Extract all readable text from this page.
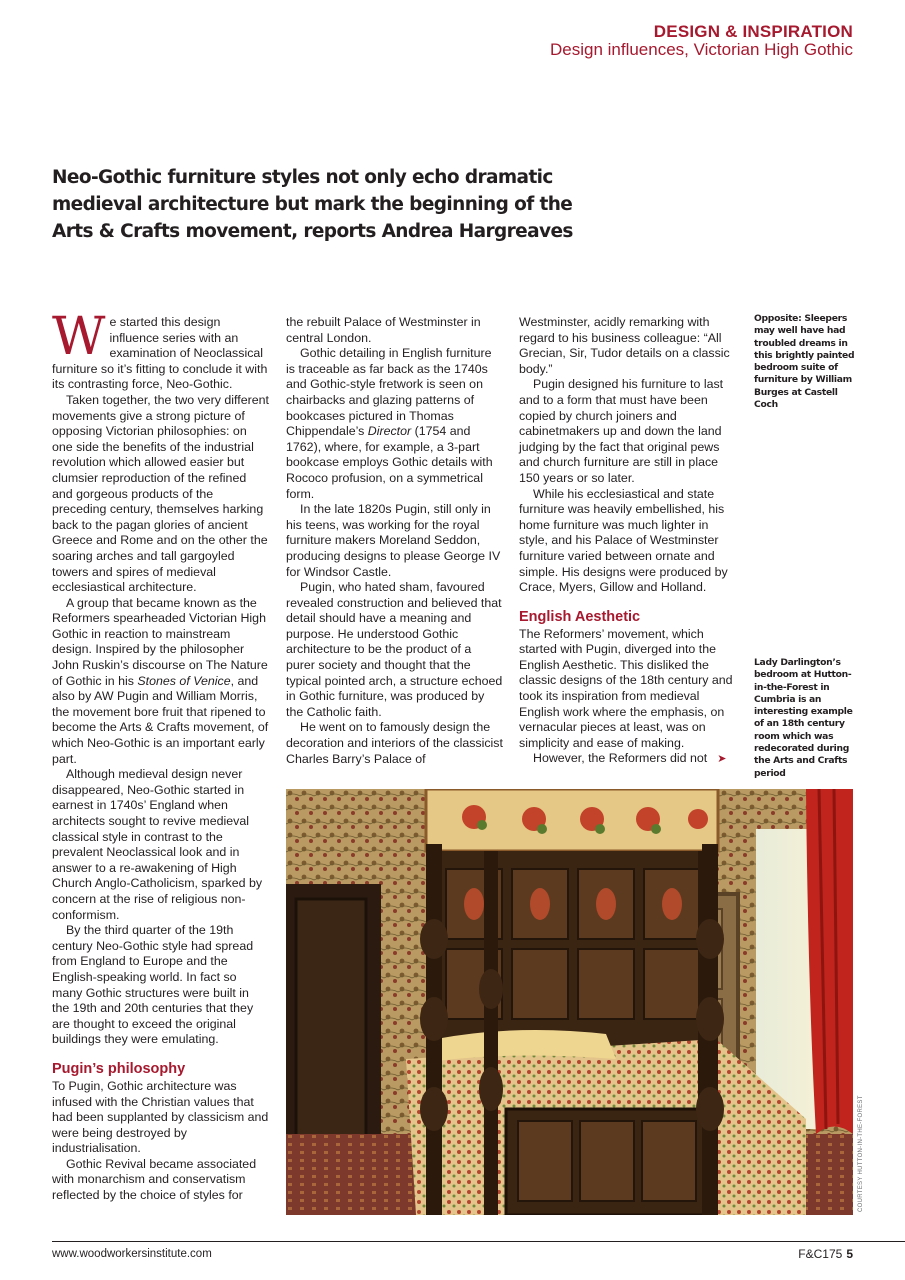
DESIGN & INSPIRATION

Design influences, Victorian High Gothic

Neo-Gothic furniture styles not only echo dramatic medieval architecture but mark the beginning of the Arts & Crafts movement, reports Andrea Hargreaves

We started this design influence series with an examination of Neoclassical furniture so it’s fitting to conclude it with its contrasting force, Neo-Gothic.

Taken together, the two very different movements give a strong picture of opposing Victorian philosophies: on one side the benefits of the industrial revolution which allowed easier but clumsier reproduction of the refined and gorgeous products of the preceding century, themselves harking back to the pagan glories of ancient Greece and Rome and on the other the soaring arches and tall gargoyled towers and spires of medieval ecclesiastical architecture.

A group that became known as the Reformers spearheaded Victorian High Gothic in reaction to mainstream design. Inspired by the philosopher John Ruskin’s discourse on The Nature of Gothic in his Stones of Venice, and also by AW Pugin and William Morris, the movement bore fruit that ripened to become the Arts & Crafts movement, of which Neo-Gothic is an important early part.

Although medieval design never disappeared, Neo-Gothic started in earnest in 1740s’ England when architects sought to revive medieval classical style in contrast to the prevalent Neoclassical look and in answer to a re-awakening of High Church Anglo-Catholicism, sparked by concern at the rise of religious non-conformism.

By the third quarter of the 19th century Neo-Gothic style had spread from England to Europe and the English-speaking world. In fact so many Gothic structures were built in the 19th and 20th centuries that they are thought to exceed the original buildings they were emulating.

Pugin’s philosophy

To Pugin, Gothic architecture was infused with the Christian values that had been supplanted by classicism and were being destroyed by industrialisation.

Gothic Revival became associated with monarchism and conservatism reflected by the choice of styles for

the rebuilt Palace of Westminster in central London.

Gothic detailing in English furniture is traceable as far back as the 1740s and Gothic-style fretwork is seen on chairbacks and glazing patterns of bookcases pictured in Thomas Chippendale’s Director (1754 and 1762), where, for example, a 3-part bookcase employs Gothic details with Rococo profusion, on a symmetrical form.

In the late 1820s Pugin, still only in his teens, was working for the royal furniture makers Moreland Seddon, producing designs to please George IV for Windsor Castle.

Pugin, who hated sham, favoured revealed construction and believed that detail should have a meaning and purpose. He understood Gothic architecture to be the product of a purer society and thought that the typical pointed arch, a structure echoed in Gothic furniture, was produced by the Catholic faith.

He went on to famously design the decoration and interiors of the classicist Charles Barry’s Palace of

Westminster, acidly remarking with regard to his business colleague: “All Grecian, Sir, Tudor details on a classic body.”

Pugin designed his furniture to last and to a form that must have been copied by church joiners and cabinetmakers up and down the land judging by the fact that original pews and church furniture are still in place 150 years or so later.

While his ecclesiastical and state furniture was heavily embellished, his home furniture was much lighter in style, and his Palace of Westminster furniture varied between ornate and simple. His designs were produced by Crace, Myers, Gillow and Holland.

English Aesthetic

The Reformers’ movement, which started with Pugin, diverged into the English Aesthetic. This disliked the classic designs of the 18th century and took its inspiration from medieval English work where the emphasis, on vernacular pieces at least, was on simplicity and ease of making.

However, the Reformers did not ➤

Opposite: Sleepers may well have had troubled dreams in this brightly painted bedroom suite of furniture by William Burges at Castell Coch

Lady Darlington’s bedroom at Hutton-in-the-Forest in Cumbria is an interesting example of an 18th century room which was redecorated during the Arts and Crafts period

COURTESY HUTTON-IN-THE-FOREST

www.woodworkersinstitute.com	F&C175 5
